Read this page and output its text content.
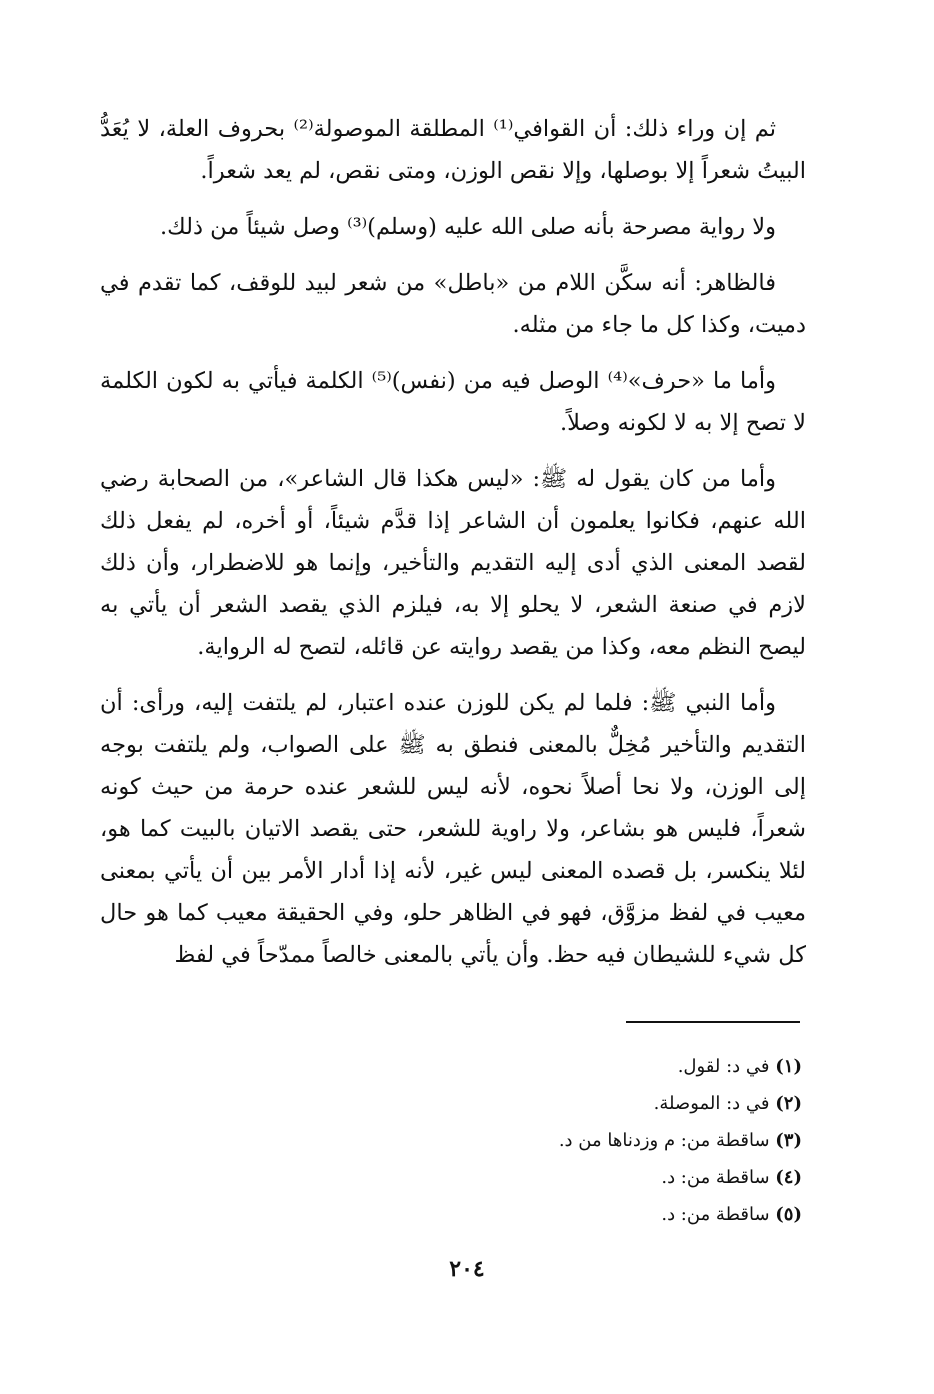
ثم إن وراء ذلك: أن القوافي⁽¹⁾ المطلقة الموصولة⁽²⁾ بحروف العلة، لا يُعَدُّ البيتُ شعراً إلا بوصلها، وإلا نقص الوزن، ومتى نقص، لم يعد شعراً.

ولا رواية مصرحة بأنه صلى الله عليه (وسلم)⁽³⁾ وصل شيئاً من ذلك.

فالظاهر: أنه سكَّن اللام من «باطل» من شعر لبيد للوقف، كما تقدم في دميت، وكذا كل ما جاء من مثله.

وأما ما «حرف»⁽⁴⁾ الوصل فيه من (نفس)⁽⁵⁾ الكلمة فيأتي به لكون الكلمة لا تصح إلا به لا لكونه وصلاً.

وأما من كان يقول له ﷺ: «ليس هكذا قال الشاعر»، من الصحابة رضي الله عنهم، فكانوا يعلمون أن الشاعر إذا قدَّم شيئاً، أو أخره، لم يفعل ذلك لقصد المعنى الذي أدى إليه التقديم والتأخير، وإنما هو للاضطرار، وأن ذلك لازم في صنعة الشعر، لا يحلو إلا به، فيلزم الذي يقصد الشعر أن يأتي به ليصح النظم معه، وكذا من يقصد روايته عن قائله، لتصح له الرواية.

وأما النبي ﷺ: فلما لم يكن للوزن عنده اعتبار، لم يلتفت إليه، ورأى: أن التقديم والتأخير مُخِلٌّ بالمعنى فنطق به ﷺ على الصواب، ولم يلتفت بوجه إلى الوزن، ولا نحا أصلاً نحوه، لأنه ليس للشعر عنده حرمة من حيث كونه شعراً، فليس هو بشاعر، ولا راوية للشعر، حتى يقصد الاتيان بالبيت كما هو، لئلا ينكسر، بل قصده المعنى ليس غير، لأنه إذا أدار الأمر بين أن يأتي بمعنى معيب في لفظ مزوَّق، فهو في الظاهر حلو، وفي الحقيقة معيب كما هو حال كل شيء للشيطان فيه حظ. وأن يأتي بالمعنى خالصاً ممدّحاً في لفظ

(١) في د: لقول.

(٢) في د: الموصلة.

(٣) ساقطة من: م وزدناها من د.

(٤) ساقطة من: د.

(٥) ساقطة من: د.

٢٠٤
